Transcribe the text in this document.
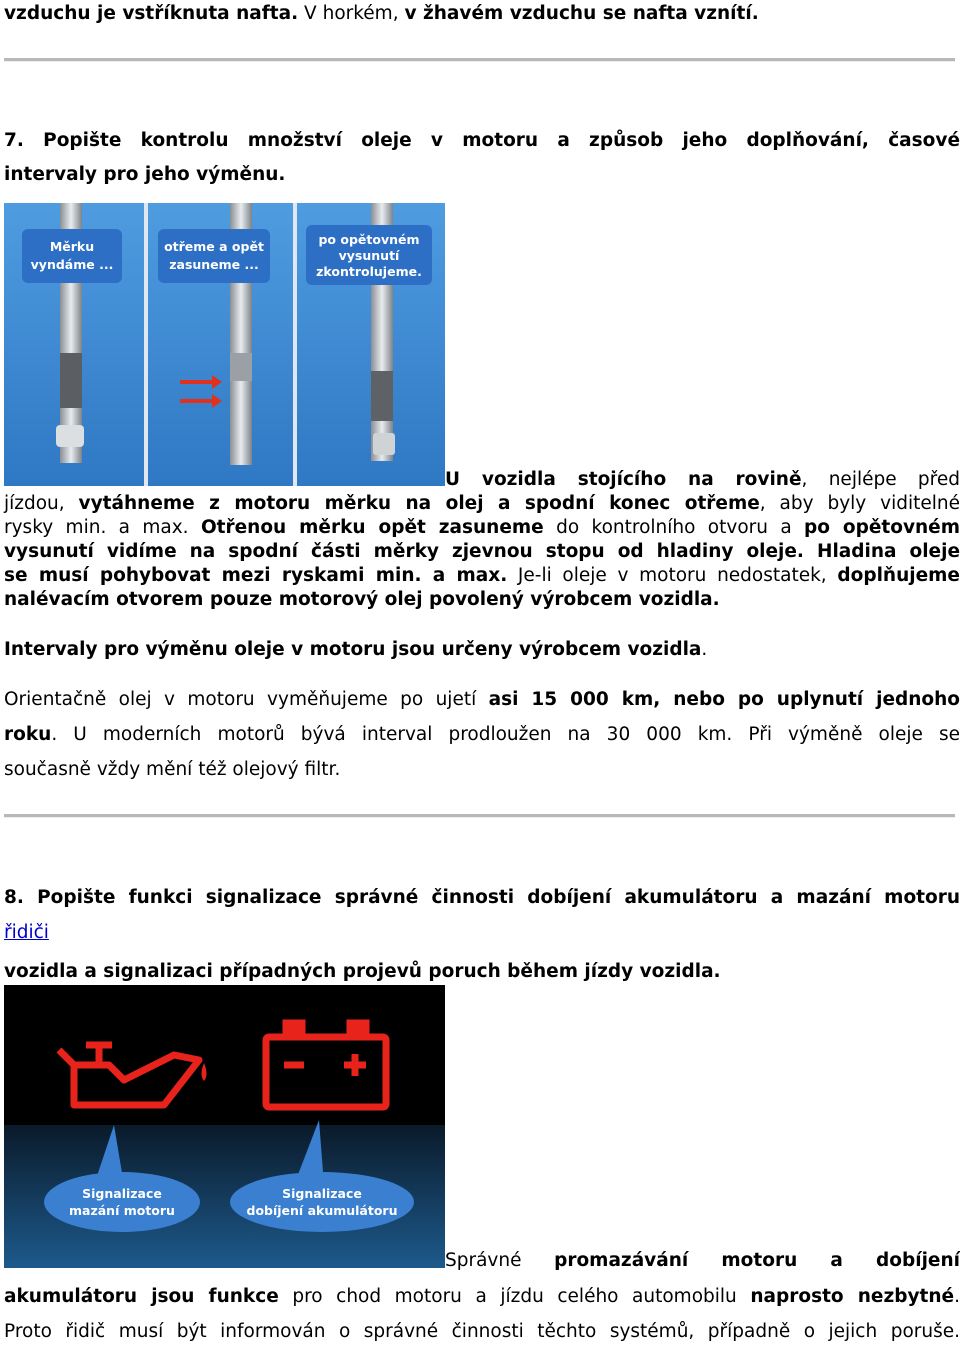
vzduchu je vstříknuta nafta. V horkém, v žhavém vzduchu se nafta vznítí.
7. Popište kontrolu množství oleje v motoru a způsob jeho doplňování, časové
intervaly pro jeho výměnu.
Měrku
vyndáme ...
otřeme a opět
zasuneme ...
po opětovném
vysunutí
zkontrolujeme.
U vozidla stojícího na rovině, nejlépe před
jízdou, vytáhneme z motoru měrku na olej a spodní konec otřeme, aby byly viditelné
rysky min. a max. Otřenou měrku opět zasuneme do kontrolního otvoru a po opětovném
vysunutí vidíme na spodní části měrky zjevnou stopu od hladiny oleje. Hladina oleje
se musí pohybovat mezi ryskami min. a max. Je-li oleje v motoru nedostatek, doplňujeme
nalévacím otvorem pouze motorový olej povolený výrobcem vozidla.
Intervaly pro výměnu oleje v motoru jsou určeny výrobcem vozidla.
Orientačně olej v motoru vyměňujeme po ujetí asi 15 000 km, nebo po uplynutí jednoho
roku. U moderních motorů bývá interval prodloužen na 30 000 km. Při výměně oleje se
současně vždy mění též olejový filtr.
8. Popište funkci signalizace správné činnosti dobíjení akumulátoru a mazání motoru
řidiči
vozidla a signalizaci případných projevů poruch během jízdy vozidla.
Signalizace
mazání motoru
Signalizace
dobíjení akumulátoru
Správné promazávání motoru a dobíjení
akumulátoru jsou funkce pro chod motoru a jízdu celého automobilu naprosto nezbytné.
Proto řidič musí být informován o správné činnosti těchto systémů, případně o jejich poruše.
